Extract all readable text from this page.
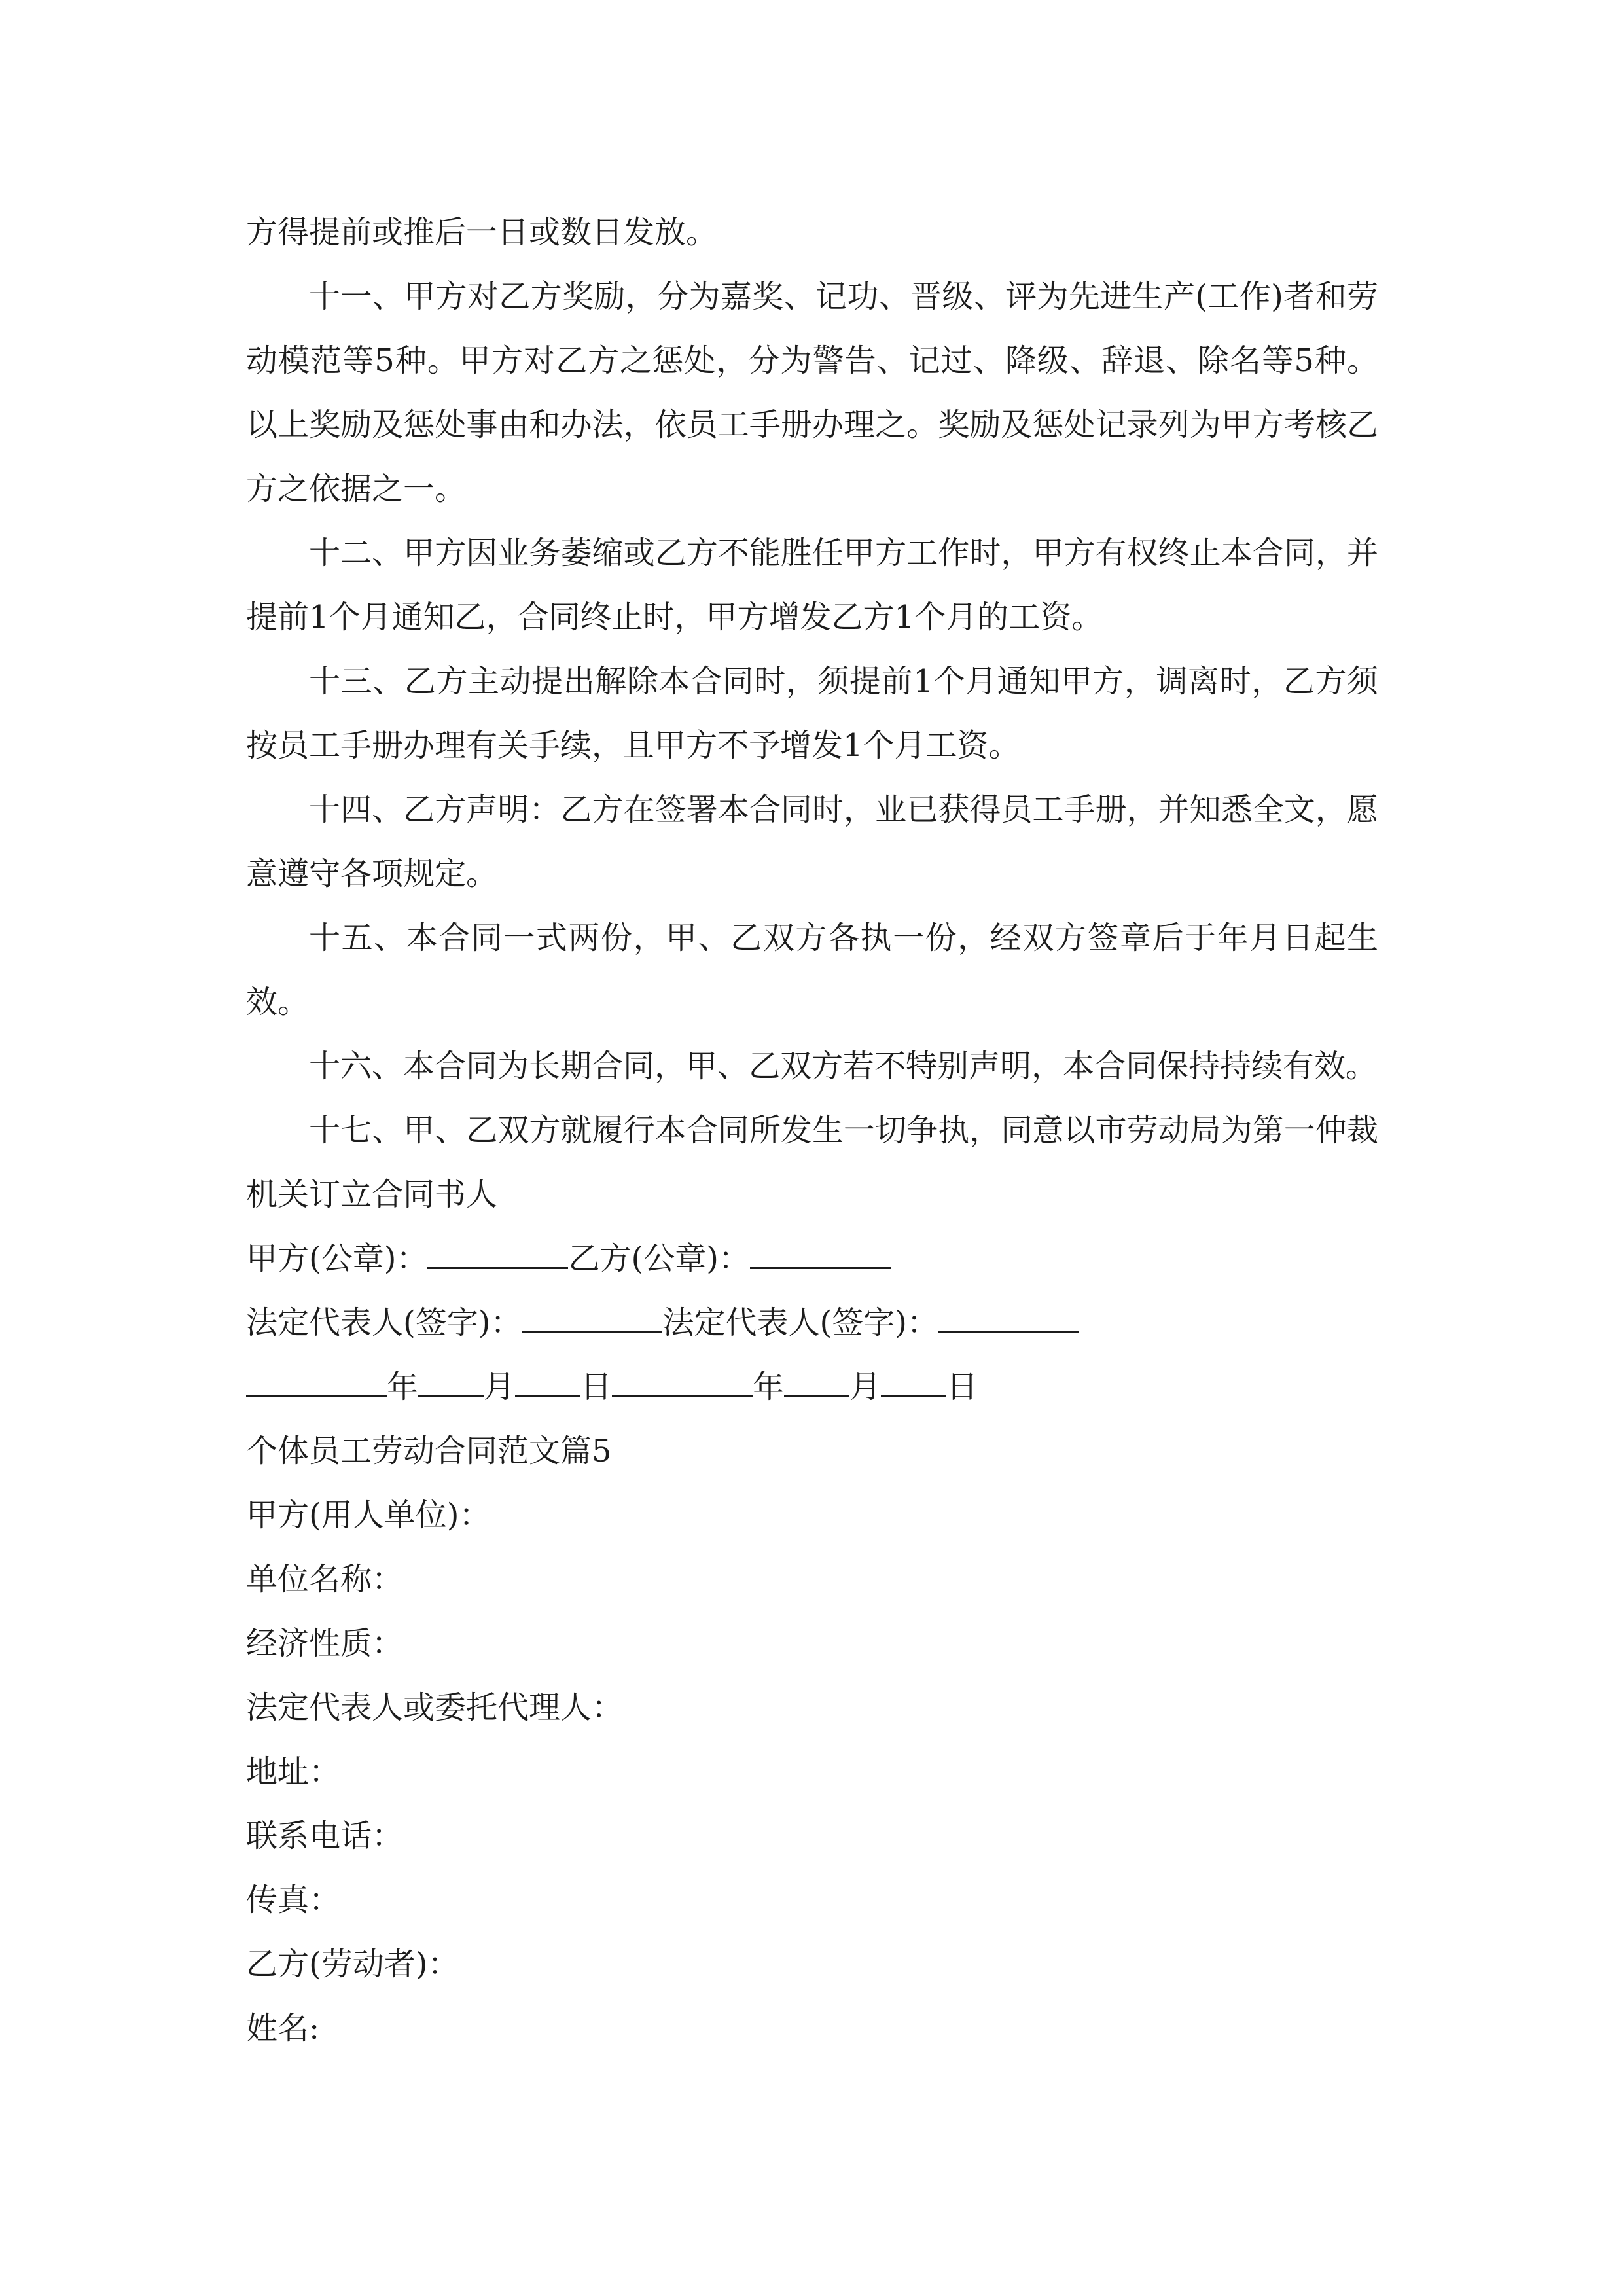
方得提前或推后一日或数日发放。

十一、甲方对乙方奖励，分为嘉奖、记功、晋级、评为先进生产(工作)者和劳动模范等5种。甲方对乙方之惩处，分为警告、记过、降级、辞退、除名等5种。以上奖励及惩处事由和办法，依员工手册办理之。奖励及惩处记录列为甲方考核乙方之依据之一。

十二、甲方因业务萎缩或乙方不能胜任甲方工作时，甲方有权终止本合同，并提前1个月通知乙，合同终止时，甲方增发乙方1个月的工资。

十三、乙方主动提出解除本合同时，须提前1个月通知甲方，调离时，乙方须按员工手册办理有关手续，且甲方不予增发1个月工资。

十四、乙方声明：乙方在签署本合同时，业已获得员工手册，并知悉全文，愿意遵守各项规定。

十五、本合同一式两份，甲、乙双方各执一份，经双方签章后于年月日起生效。

十六、本合同为长期合同，甲、乙双方若不特别声明，本合同保持持续有效。

十七、甲、乙双方就履行本合同所发生一切争执，同意以市劳动局为第一仲裁机关订立合同书人

甲方(公章)：	乙方(公章)：

法定代表人(签字)：	法定代表人(签字)：

年 月 日	年 月 日

个体员工劳动合同范文篇5

甲方(用人单位)：

单位名称：

经济性质：

法定代表人或委托代理人：

地址：

联系电话：

传真：

乙方(劳动者)：

姓名:
